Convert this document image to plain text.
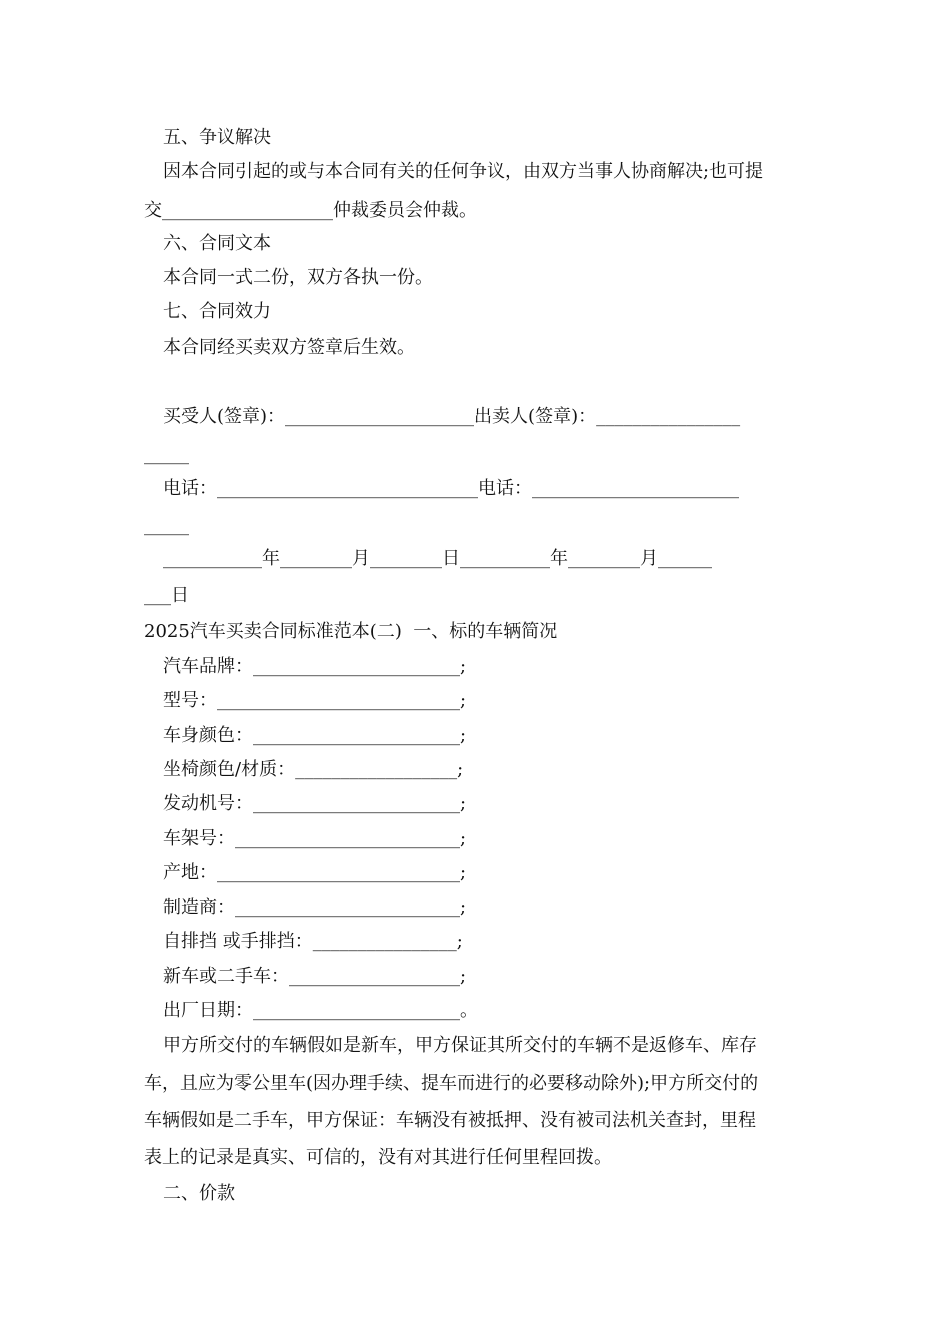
五、争议解决
因本合同引起的或与本合同有关的任何争议，由双方当事人协商解决;也可提
交___________________仲裁委员会仲裁。
六、合同文本
本合同一式二份，双方各执一份。
七、合同效力
本合同经买卖双方签章后生效。
买受人(签章)：_____________________出卖人(签章)：________________
_____
电话：_____________________________电话：_______________________
_____
___________年________月________日__________年________月______
___日
2025汽车买卖合同标准范本(二)  一、标的车辆简况
汽车品牌：_______________________;
型号：___________________________;
车身颜色：_______________________;
坐椅颜色/材质：__________________;
发动机号：_______________________;
车架号：_________________________;
产地：___________________________;
制造商：_________________________;
自排挡 或手排挡：________________;
新车或二手车：___________________;
出厂日期：_______________________。
甲方所交付的车辆假如是新车，甲方保证其所交付的车辆不是返修车、库存
车，且应为零公里车(因办理手续、提车而进行的必要移动除外);甲方所交付的
车辆假如是二手车，甲方保证：车辆没有被抵押、没有被司法机关查封，里程
表上的记录是真实、可信的，没有对其进行任何里程回拨。
二、价款
